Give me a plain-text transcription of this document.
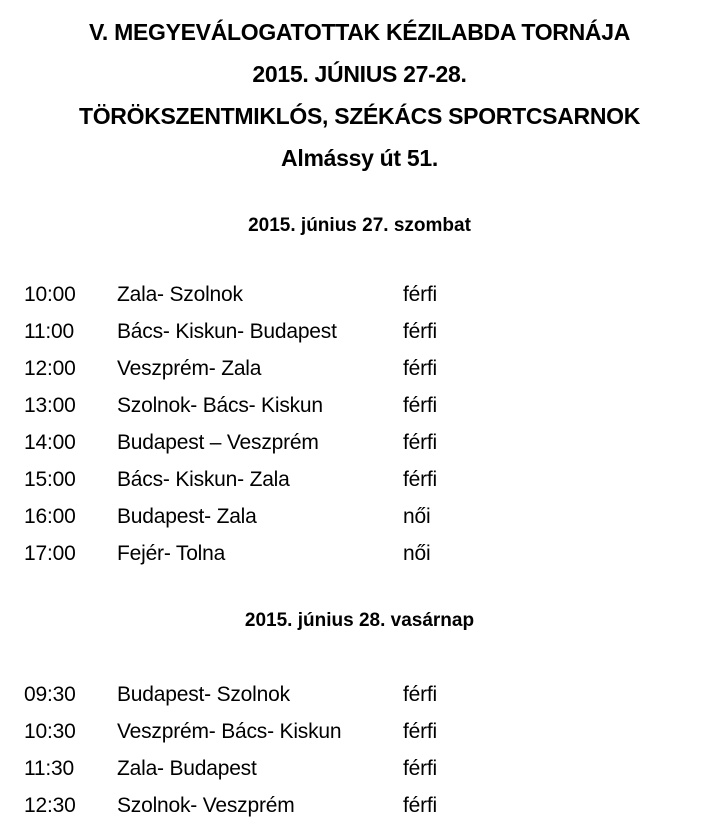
V. MEGYEVÁLOGATOTTAK KÉZILABDA TORNÁJA
2015. JÚNIUS 27-28.
TÖRÖKSZENTMIKLÓS, SZÉKÁCS SPORTCSARNOK
Almássy út 51.
2015. június 27. szombat
10:00	Zala- Szolnok	férfi
11:00	Bács- Kiskun- Budapest	férfi
12:00	Veszprém- Zala	férfi
13:00	Szolnok- Bács- Kiskun	férfi
14:00	Budapest – Veszprém	férfi
15:00	Bács- Kiskun- Zala	férfi
16:00	Budapest- Zala	női
17:00	Fejér- Tolna	női
2015. június 28. vasárnap
09:30	Budapest- Szolnok	férfi
10:30	Veszprém- Bács- Kiskun	férfi
11:30	Zala- Budapest	férfi
12:30	Szolnok- Veszprém	férfi
